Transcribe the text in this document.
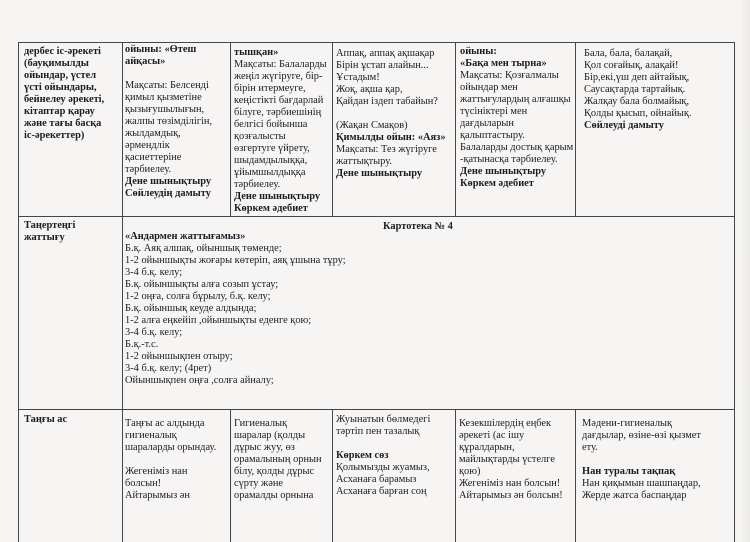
дербес іс-әрекеті
(бауқимылды
ойындар, үстел
үсті ойындары,
бейнелеу әрекеті,
кітаптар қарау
және тағы басқа
іс-әрекеттер)
ойыны: «Өтеш
айқасы»

Мақсаты: Белсенді
қимыл қызметіне
қызығушылығын,
жалпы төзімділігін,
жылдамдық,
әрмендлік
қасиеттеріне
тәрбиелеу.
Дене шынықтыру
Сөйлеудің дамыту
тышқан»
Мақсаты: Балаларды
жеңіл жүгіруге, бір-
бірін итермеуге,
кеңістікті бағдарлай
білуге, тәрбиешінің
белгісі бойынша
қозғалысты
өзгертуге үйрету,
шыдамдылыққа,
ұйымшылдыққа
тәрбиелеу.
Дене шынықтыру
Көркем әдебиет
Аппақ, аппақ ақшақар
Бірін ұстап алайын...
Ұстадым!
Жоқ, ақша қар,
Қайдан іздеп табайын?

(Жақан Смақов)
Қимылды ойын: «Аяз»
Мақсаты: Тез жүгіруге
жаттықтыру.
Дене шынықтыру
ойыны:
«Бақа мен тырна»
Мақсаты: Қозғалмалы
ойындар мен
жаттығулардың алғашқы
түсініктері мен
дағдыларын
қалыптастыру.
Балаларды достық қарым
-қатынасқа тәрбиелеу.
Дене шынықтыру
Көркем әдебиет
Бала, бала, балақай,
Қол соғайық, алақай!
Бір,екі,үш деп айтайық,
Саусақтарда тартайық.
Жалқау бала болмайық,
Қолды қысып, ойнайық.
Сөйлеуді дамыту
Таңертеңгі
жаттығу
Картотека № 4
«Андармен жаттығамыз»
Б.қ. Аяқ алшақ, ойыншық төменде;
1-2 ойыншықты жоғары көтеріп, аяқ ұшына тұру;
3-4 б.қ. келу;
Б.қ. ойыншықты алға созып ұстау;
1-2 оңға, солға бұрылу, б.қ. келу;
Б.қ. ойыншық кеуде алдында;
1-2 алға еңкейіп ,ойыншықты еденге қою;
3-4 б.қ. келу;
Б.қ.-т.с.
1-2 ойыншықпен отыру;
3-4 б.қ. келу; (4рет)
Ойыншықпен оңға ,солға айналу;
Таңғы ас	Таңғы ас алдында
гигиеналық
шараларды орындау.

Жегеніміз нан
болсын!
Айтарымыз ән
Гигиеналық
шаралар (қолды
дұрыс жуу, өз
орамалының орнын
білу, қолды дұрыс
сүрту және
орамалды орнына
Жуынатын бөлмедегі
тәртіп пен тазалық

Көркем сөз
Қолымызды жуамыз,
Асханаға барамыз
Асханаға барған соң
Кезекшілердің еңбек
әрекеті (ас ішу
құралдарын,
майлықтарды үстелге
қою)
Жегеніміз нан болсын!
Айтарымыз ән болсын!
Мәдени-гигиеналық
дағдылар, өзіне-өзі қызмет
ету.

Нан туралы тақпақ
Нан қиқымын шашпаңдар,
Жерде жатса баспаңдар
